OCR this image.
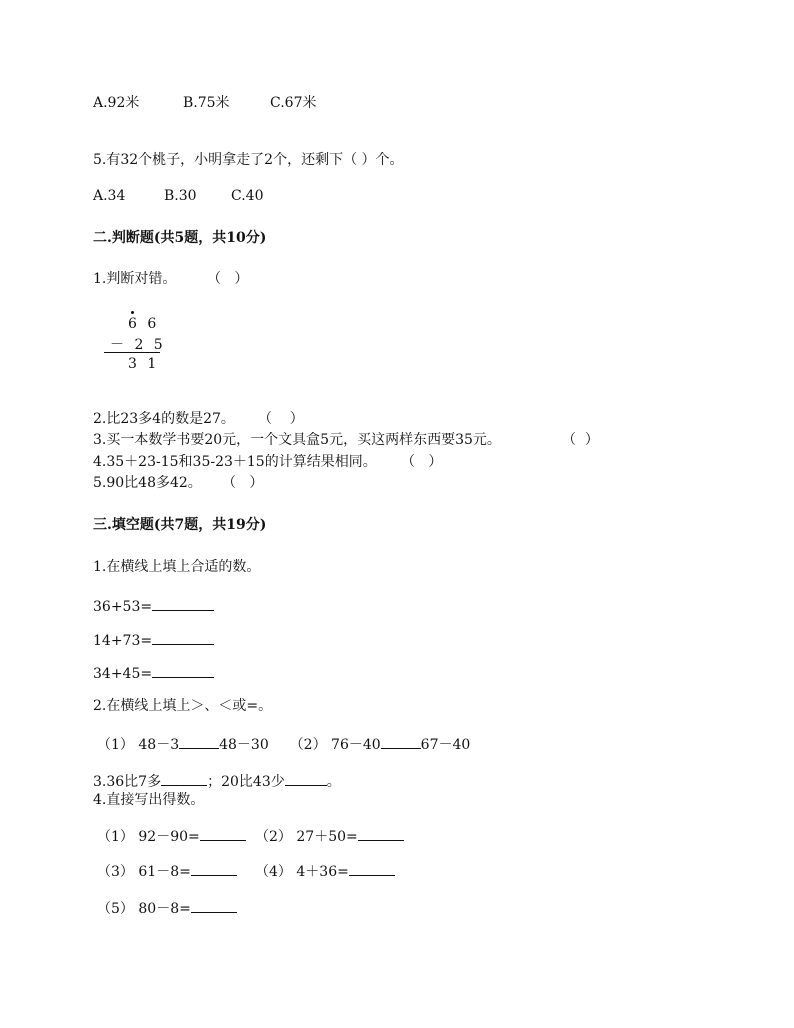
A.92米	B.75米	C.67米
5.有32个桃子，小明拿走了2个，还剩下（ ）个。
A.34	B.30 C.40
二.判断题(共5题，共10分)
1.判断对错。 （   ）
6 6
－ 2 5
3 1
2.比23多4的数是27。 （    ）
3.买一本数学书要20元，一个文具盒5元，买这两样东西要35元。	（  ）
4.35＋23-15和35-23＋15的计算结果相同。 （   ）
5.90比48多42。 （   ）
三.填空题(共7题，共19分)
1.在横线上填上合适的数。
36+53=
14+73=
34+45=
2.在横线上填上＞、＜或=。
（1） 48－3	48－30 （2） 76－40	67－40
3.36比7多	；20比43少	。
4.直接写出得数。
（1） 92－90=	（2） 27＋50=
（3） 61－8=	（4） 4＋36=
（5） 80－8=
